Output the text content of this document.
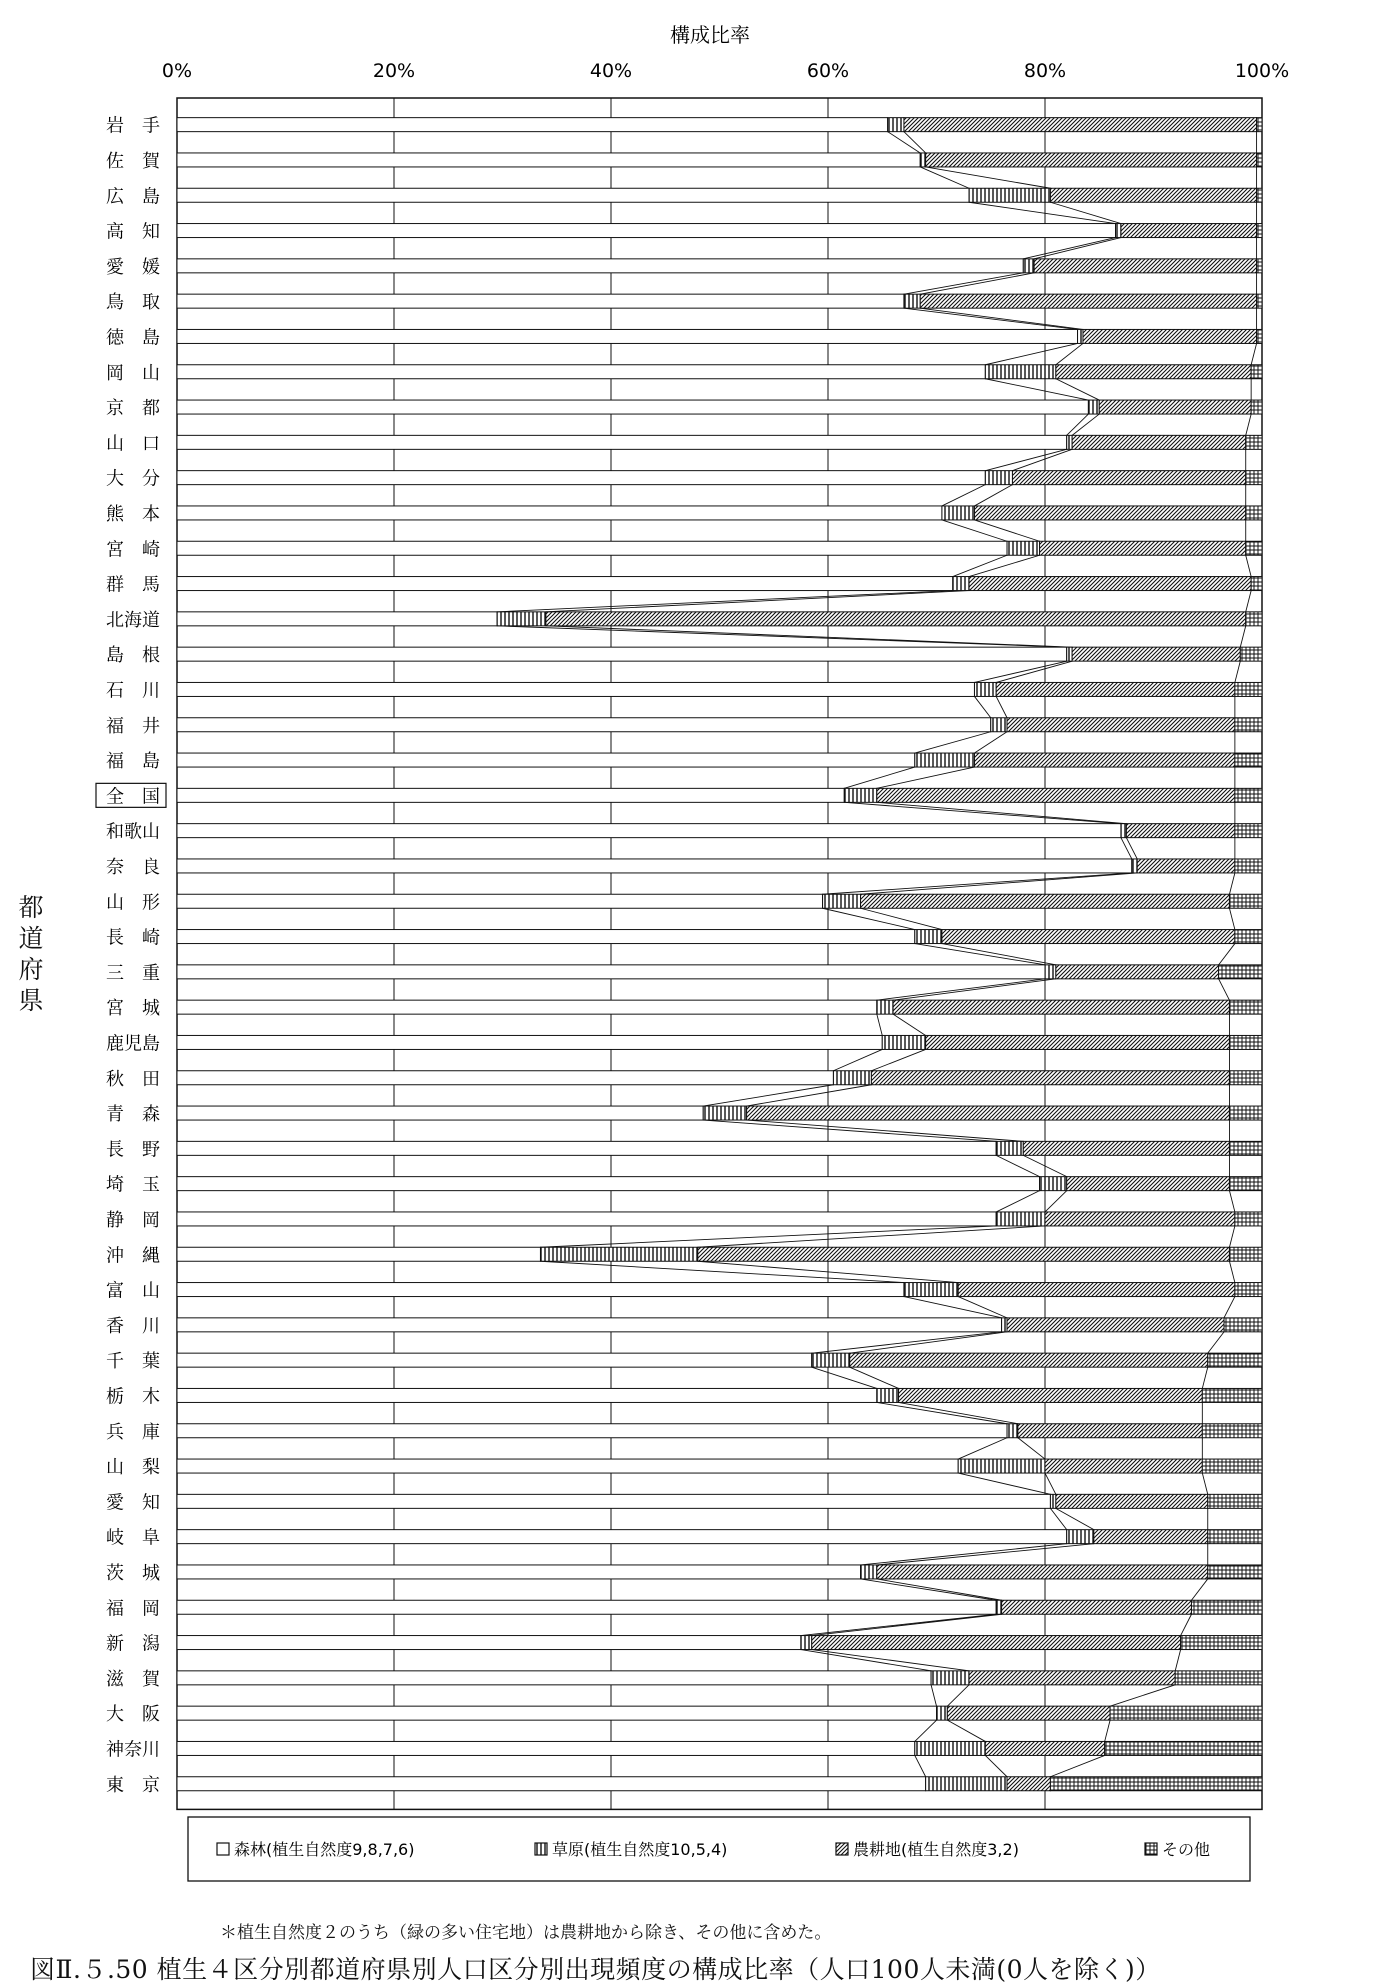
構成比率
0%	20%	40%	60%	80%	100%
岩　手
佐　賀
広　島
高　知
愛　媛
鳥　取
徳　島
岡　山
京　都
山　口
大　分
熊　本
宮　崎
群　馬
北海道
島　根
石　川
福　井
福　島
全　国
和歌山
奈　良
山　形
長　崎
三　重
宮　城
鹿児島
秋　田
青　森
長　野
埼　玉
静　岡
沖　縄
富　山
香　川
千　葉
栃　木
兵　庫
山　梨
愛　知
岐　阜
茨　城
福　岡
新　潟
滋　賀
大　阪
神奈川
東　京
森林(植生自然度9,8,7,6)	草原(植生自然度10,5,4)	農耕地(植生自然度3,2)	その他
都
道
府
県
＊植生自然度２のうち（緑の多い住宅地）は農耕地から除き、その他に含めた。
図Ⅱ.５.50 植生４区分別都道府県別人口区分別出現頻度の構成比率（人口100人未満(0人を除く)）
